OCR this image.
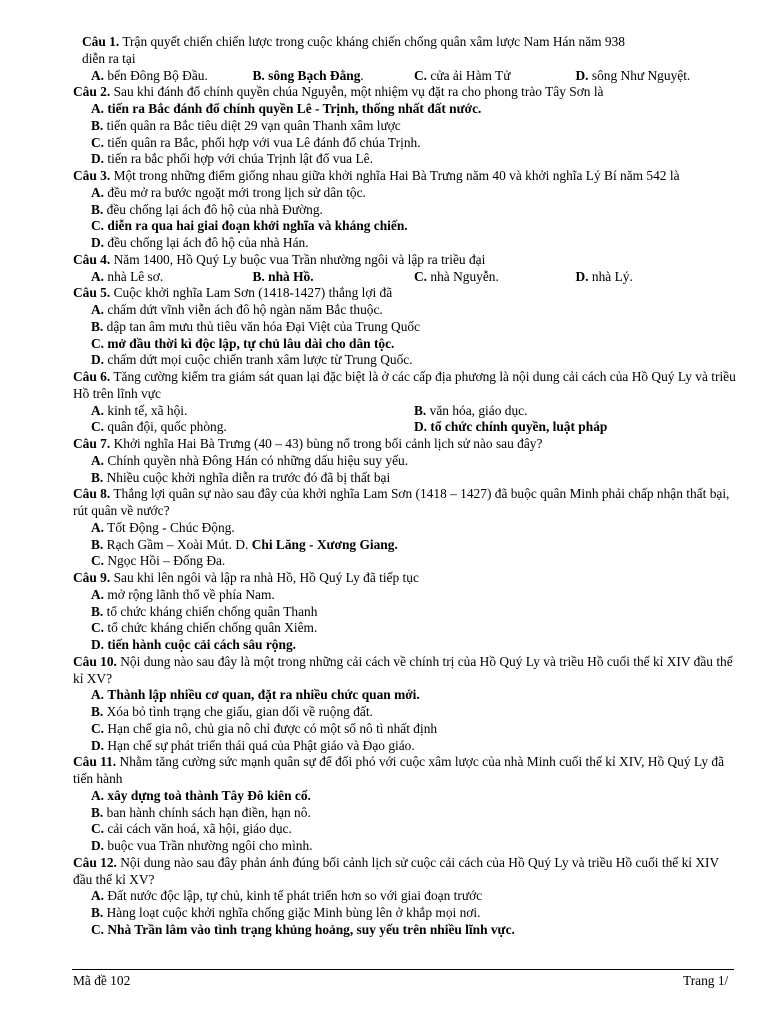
Câu 1. Trận quyết chiến chiến lược trong cuộc kháng chiến chống quân xâm lược Nam Hán năm 938
diễn ra tại
A. bến Đông Bộ Đầu.	B. sông Bạch Đằng.	C. cửa ải Hàm Tử	D. sông Như Nguyệt.
Câu 2. Sau khi đánh đổ chính quyền chúa Nguyễn, một nhiệm vụ đặt ra cho phong trào Tây Sơn là
A. tiến ra Bắc đánh đổ chính quyền Lê - Trịnh, thống nhất đất nước.
B. tiến quân ra Bắc tiêu diệt 29 vạn quân Thanh xâm lược
C. tiến quân ra Bắc, phối hợp với vua Lê đánh đổ chúa Trịnh.
D. tiến ra bắc phối hợp với chúa Trịnh lật đổ vua Lê.
Câu 3. Một trong những điểm giống nhau giữa khởi nghĩa Hai Bà Trưng năm 40 và khởi nghĩa Lý Bí năm 542 là
A. đều mở ra bước ngoặt mới trong lịch sử dân tộc.
B. đều chống lại ách đô hộ của nhà Đường.
C. diễn ra qua hai giai đoạn khởi nghĩa và kháng chiến.
D. đều chống lại ách đô hộ của nhà Hán.
Câu 4. Năm 1400, Hồ Quý Ly buộc vua Trần nhường ngôi và lập ra triều đại
A. nhà Lê sơ.	B. nhà Hồ.	C. nhà Nguyễn.	D. nhà Lý.
Câu 5. Cuộc khởi nghĩa Lam Sơn (1418-1427) thắng lợi đã
A. chấm dứt vĩnh viễn ách đô hộ ngàn năm Bắc thuộc.
B. dập tan âm mưu thủ tiêu văn hóa Đại Việt của Trung Quốc
C. mở đầu thời kì độc lập, tự chủ lâu dài cho dân tộc.
D. chấm dứt mọi cuộc chiến tranh xâm lược từ Trung Quốc.
Câu 6. Tăng cường kiểm tra giám sát quan lại đặc biệt là ở các cấp địa phương là nội dung cải cách của Hồ Quý Ly và triều Hồ trên lĩnh vực
A. kinh tế, xã hội.	B. văn hóa, giáo dục.
C. quân đội, quốc phòng.	D. tổ chức chính quyền, luật pháp
Câu 7. Khởi nghĩa Hai Bà Trưng (40 – 43) bùng nổ trong bối cảnh lịch sử nào sau đây?
A. Chính quyền nhà Đông Hán có những dấu hiệu suy yếu.
B. Nhiều cuộc khởi nghĩa diễn ra trước đó đã bị thất bại
Câu 8. Thắng lợi quân sự nào sau đây của khởi nghĩa Lam Sơn (1418 – 1427) đã buộc quân Minh phải chấp nhận thất bại, rút quân về nước?
A. Tốt Động - Chúc Động.
B. Rạch Gầm – Xoài Mút. D. Chi Lăng - Xương Giang.
C. Ngọc Hồi – Đống Đa.
Câu 9. Sau khi lên ngôi và lập ra nhà Hồ, Hồ Quý Ly đã tiếp tục
A. mở rộng lãnh thổ về phía Nam.
B. tổ chức kháng chiến chống quân Thanh
C. tổ chức kháng chiến chống quân Xiêm.
D. tiến hành cuộc cải cách sâu rộng.
Câu 10. Nội dung nào sau đây là một trong những cải cách về chính trị của Hồ Quý Ly và triều Hồ cuối thế kỉ XIV đầu thế kỉ XV?
A. Thành lập nhiều cơ quan, đặt ra nhiều chức quan mới.
B. Xóa bỏ tình trạng che giấu, gian dối về ruộng đất.
C. Hạn chế gia nô, chủ gia nô chỉ được có một số nô tì nhất định
D. Hạn chế sự phát triển thái quá của Phật giáo và Đạo giáo.
Câu 11. Nhằm tăng cường sức mạnh quân sự để đối phó với cuộc xâm lược của nhà Minh cuối thế kỉ XIV, Hồ Quý Ly đã tiến hành
A. xây dựng toà thành Tây Đô kiên cố.
B. ban hành chính sách hạn điền, hạn nô.
C. cải cách văn hoá, xã hội, giáo dục.
D. buộc vua Trần nhường ngôi cho mình.
Câu 12. Nội dung nào sau đây phản ánh đúng bối cảnh lịch sử cuộc cải cách của Hồ Quý Ly và triều Hồ cuối thế kỉ XIV đầu thế kỉ XV?
A. Đất nước độc lập, tự chủ, kinh tế phát triển hơn so với giai đoạn trước
B. Hàng loạt cuộc khởi nghĩa chống giặc Minh bùng lên ở khắp mọi nơi.
C. Nhà Trần lâm vào tình trạng khủng hoảng, suy yếu trên nhiều lĩnh vực.
Mã đề 102	Trang 1/
